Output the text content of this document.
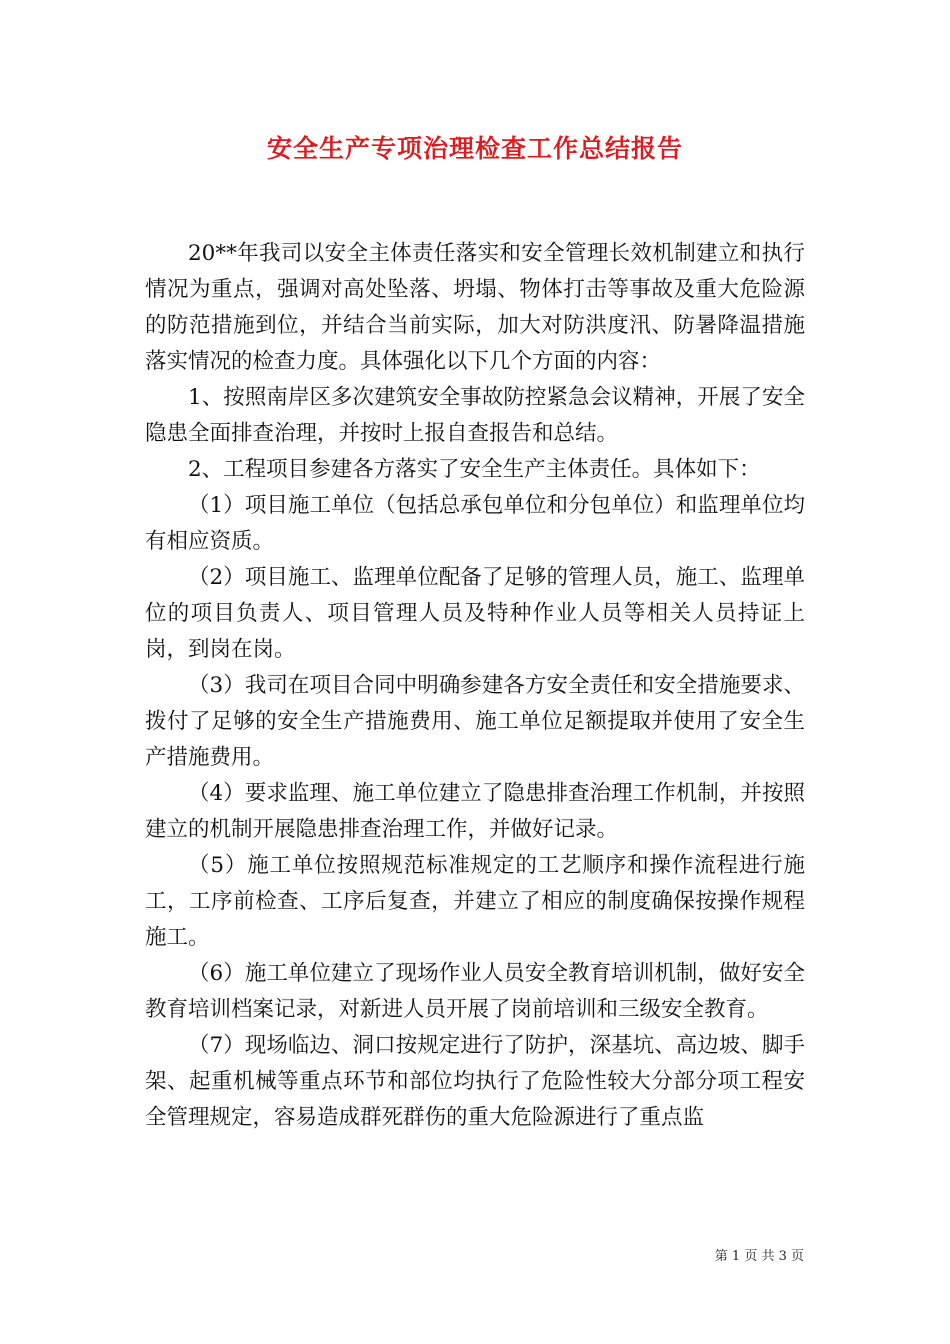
安全生产专项治理检查工作总结报告

20**年我司以安全主体责任落实和安全管理长效机制建立和执行情况为重点，强调对高处坠落、坍塌、物体打击等事故及重大危险源的防范措施到位，并结合当前实际，加大对防洪度汛、防暑降温措施落实情况的检查力度。具体强化以下几个方面的内容：

1、按照南岸区多次建筑安全事故防控紧急会议精神，开展了安全隐患全面排查治理，并按时上报自查报告和总结。

2、工程项目参建各方落实了安全生产主体责任。具体如下：

（1）项目施工单位（包括总承包单位和分包单位）和监理单位均有相应资质。

（2）项目施工、监理单位配备了足够的管理人员，施工、监理单位的项目负责人、项目管理人员及特种作业人员等相关人员持证上岗，到岗在岗。

（3）我司在项目合同中明确参建各方安全责任和安全措施要求、拨付了足够的安全生产措施费用、施工单位足额提取并使用了安全生产措施费用。

（4）要求监理、施工单位建立了隐患排查治理工作机制，并按照建立的机制开展隐患排查治理工作，并做好记录。

（5）施工单位按照规范标准规定的工艺顺序和操作流程进行施工，工序前检查、工序后复查，并建立了相应的制度确保按操作规程施工。

（6）施工单位建立了现场作业人员安全教育培训机制，做好安全教育培训档案记录，对新进人员开展了岗前培训和三级安全教育。

（7）现场临边、洞口按规定进行了防护，深基坑、高边坡、脚手架、起重机械等重点环节和部位均执行了危险性较大分部分项工程安全管理规定，容易造成群死群伤的重大危险源进行了重点监

第 1 页 共 3 页
